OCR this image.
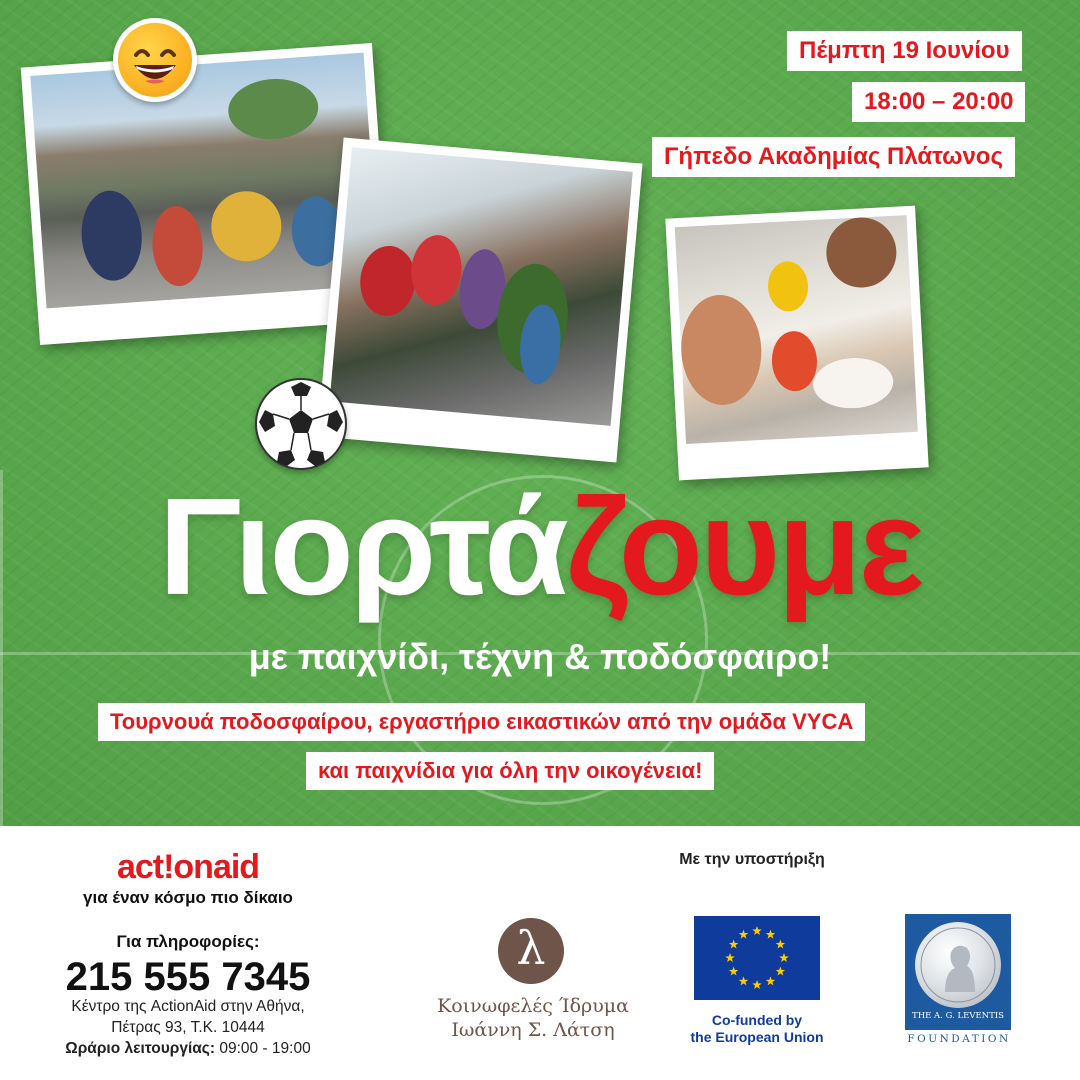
Πέμπτη 19 Ιουνίου
18:00 – 20:00
Γήπεδο Ακαδημίας Πλάτωνος
Γιορτάζουμε
με παιχνίδι, τέχνη & ποδόσφαιρο!
Τουρνουά ποδοσφαίρου, εργαστήριο εικαστικών από την ομάδα VYCA
και παιχνίδια για όλη την οικογένεια!
act!onaid
για έναν κόσμο πιο δίκαιο
Για πληροφορίες:
215 555 7345
Κέντρο της ActionAid στην Αθήνα,
Πέτρας 93, Τ.Κ. 10444
Ωράριο λειτουργίας: 09:00 - 19:00
Με την υποστήριξη
λ
Κοινωφελές Ίδρυμα
Ιωάννη Σ. Λάτση	Co-funded by
the European Union
THE A. G. LEVENTIS
FOUNDATION
